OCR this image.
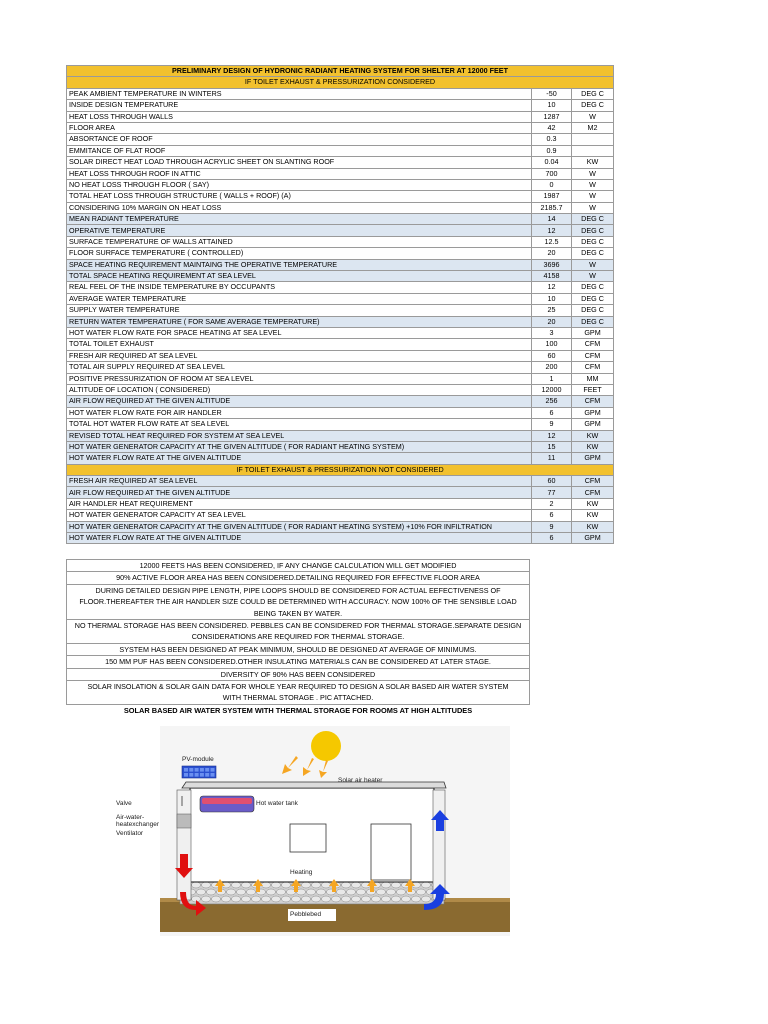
PRELIMINARY DESIGN OF HYDRONIC RADIANT HEATING SYSTEM FOR SHELTER AT 12000 FEET		
IF TOILET EXHAUST & PRESSURIZATION CONSIDERED		
PEAK AMBIENT TEMPERATURE IN WINTERS	-50	DEG C
INSIDE DESIGN TEMPERATURE	10	DEG C
HEAT LOSS THROUGH WALLS	1287	W
FLOOR AREA	42	M2
ABSORTANCE OF ROOF	0.3	
EMMITANCE OF FLAT ROOF	0.9	
SOLAR DIRECT HEAT LOAD THROUGH ACRYLIC SHEET ON SLANTING ROOF	0.04	KW
HEAT LOSS THROUGH ROOF IN ATTIC	700	W
NO HEAT LOSS THROUGH FLOOR ( SAY)	0	W
TOTAL HEAT LOSS THROUGH STRUCTURE ( WALLS + ROOF) (A)	1987	W
CONSIDERING 10% MARGIN ON HEAT LOSS	2185.7	W
MEAN RADIANT TEMPERATURE	14	DEG C
OPERATIVE TEMPERATURE	12	DEG C
SURFACE TEMPERATURE OF WALLS ATTAINED	12.5	DEG C
FLOOR SURFACE TEMPERATURE ( CONTROLLED)	20	DEG C
SPACE HEATING REQUIREMENT MAINTAING THE OPERATIVE TEMPERATURE	3696	W
TOTAL SPACE HEATING REQUIREMENT AT SEA LEVEL	4158	W
REAL FEEL OF THE INSIDE TEMPERATURE BY OCCUPANTS	12	DEG C
AVERAGE WATER TEMPERATURE	10	DEG C
SUPPLY WATER TEMPERATURE	25	DEG C
RETURN WATER TEMPERATURE ( FOR SAME AVERAGE TEMPERATURE)	20	DEG C
HOT WATER FLOW RATE FOR SPACE HEATING AT SEA LEVEL	3	GPM
TOTAL TOILET EXHAUST	100	CFM
FRESH AIR REQUIRED AT SEA LEVEL	60	CFM
TOTAL AIR SUPPLY REQUIRED AT SEA LEVEL	200	CFM
POSITIVE PRESSURIZATION OF ROOM AT SEA LEVEL	1	MM
ALTITUDE OF LOCATION ( CONSIDERED)	12000	FEET
AIR FLOW REQUIRED AT THE GIVEN ALTITUDE	256	CFM
HOT WATER FLOW RATE FOR AIR HANDLER	6	GPM
TOTAL HOT WATER FLOW RATE AT SEA LEVEL	9	GPM
REVISED TOTAL HEAT REQUIRED FOR SYSTEM AT SEA LEVEL	12	KW
HOT WATER GENERATOR CAPACITY AT THE GIVEN ALTITUDE ( FOR RADIANT HEATING SYSTEM)	15	KW
HOT WATER FLOW RATE AT THE GIVEN ALTITUDE	11	GPM
IF TOILET EXHAUST & PRESSURIZATION NOT CONSIDERED		
FRESH AIR REQUIRED AT SEA LEVEL	60	CFM
AIR FLOW REQUIRED AT THE GIVEN ALTITUDE	77	CFM
AIR HANDLER HEAT REQUIREMENT	2	KW
HOT WATER GENERATOR CAPACITY AT SEA LEVEL	6	KW
HOT WATER GENERATOR CAPACITY AT THE GIVEN ALTITUDE ( FOR RADIANT HEATING SYSTEM) +10% FOR INFILTRATION	9	KW
HOT WATER FLOW RATE AT THE GIVEN ALTITUDE	6	GPM
12000 FEETS HAS BEEN CONSIDERED, IF ANY CHANGE CALCULATION WILL GET MODIFIED

90% ACTIVE FLOOR AREA HAS BEEN CONSIDERED.DETAILING REQUIRED FOR EFFECTIVE FLOOR AREA

DURING DETAILED DESIGN PIPE LENGTH, PIPE LOOPS SHOULD BE CONSIDERED FOR ACTUAL EEFECTIVENESS OF
FLOOR.THEREAFTER THE AIR HANDLER SIZE COULD BE DETERMINED WITH ACCURACY. NOW 100% OF THE SENSIBLE LOAD
BEING TAKEN BY WATER.

NO THERMAL STORAGE HAS BEEN CONSIDERED. PEBBLES CAN BE CONSIDERED FOR THERMAL STORAGE.SEPARATE DESIGN
CONSIDERATIONS ARE REQUIRED FOR THERMAL STORAGE.

SYSTEM HAS BEEN DESIGNED AT PEAK MINIMUM, SHOULD BE DESIGNED AT AVERAGE OF MINIMUMS.

150 MM PUF HAS BEEN CONSIDERED.OTHER INSULATING MATERIALS CAN BE CONSIDERED AT LATER STAGE.

DIVERSITY OF 90% HAS BEEN CONSIDERED

SOLAR INSOLATION & SOLAR GAIN DATA FOR WHOLE YEAR REQUIRED TO DESIGN A SOLAR BASED AIR WATER SYSTEM
WITH THERMAL STORAGE . PIC ATTACHED.
SOLAR BASED AIR WATER SYSTEM WITH THERMAL STORAGE FOR ROOMS AT HIGH ALTITUDES
PV-module
Solar air heater
Hot water tank
Valve
Air-water-
heatexchanger
Ventilator
Heating
Pebblebed
